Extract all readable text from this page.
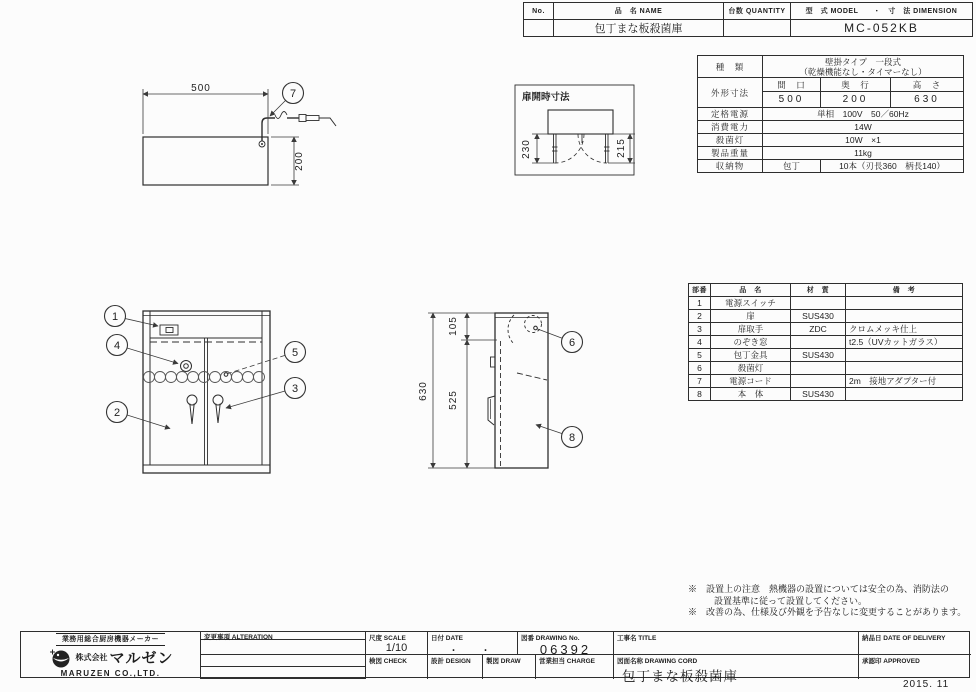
500
200
7	扉開時寸法
230	215
1
4
2
5
3	630
105
525
6
8
No.	品　名 NAME	台数 QUANTITY	型　式 MODEL　　・　寸　法 DIMENSION
	包丁まな板殺菌庫		MC-052KB
種　類	壁掛タイプ　一段式
（乾燥機能なし・タイマーなし）		

外形寸法	間　口	奥　行	高　さ
	500	200	630
定格電源	単相　100V　50／60Hz		
消費電力	14W		
殺菌灯	10W　×1		
製品重量	11kg		
収納物	包丁	10本（刃長360　柄長140）	
部番	品　名	材　質	備　考
1	電源スイッチ		
2	扉	SUS430	
3	扉取手	ZDC	クロムメッキ仕上
4	のぞき窓		t2.5（UVカットガラス）
5	包丁金具	SUS430	
6	殺菌灯		
7	電源コード		2m　接地アダプター付
8	本　体	SUS430	
※　設置上の注意　熱機器の設置については安全の為、消防法の
設置基準に従って設置してください。
※　改善の為、仕様及び外観を予告なしに変更することがあります。
業務用総合厨房機器メーカー
株式会社 マルゼン
MARUZEN CO.,LTD.
変更事項 ALTERATION	尺度 SCALE
1/10
日付 DATE
・　・
図番 DRAWING No.
06392
工事名 TITLE	納品日 DATE OF DELIVERY
検図 CHECK	設計 DESIGN	製図 DRAW	営業担当 CHARGE	図面名称 DRAWING CORD
包丁まな板殺菌庫
承認印 APPROVED
2015. 11
